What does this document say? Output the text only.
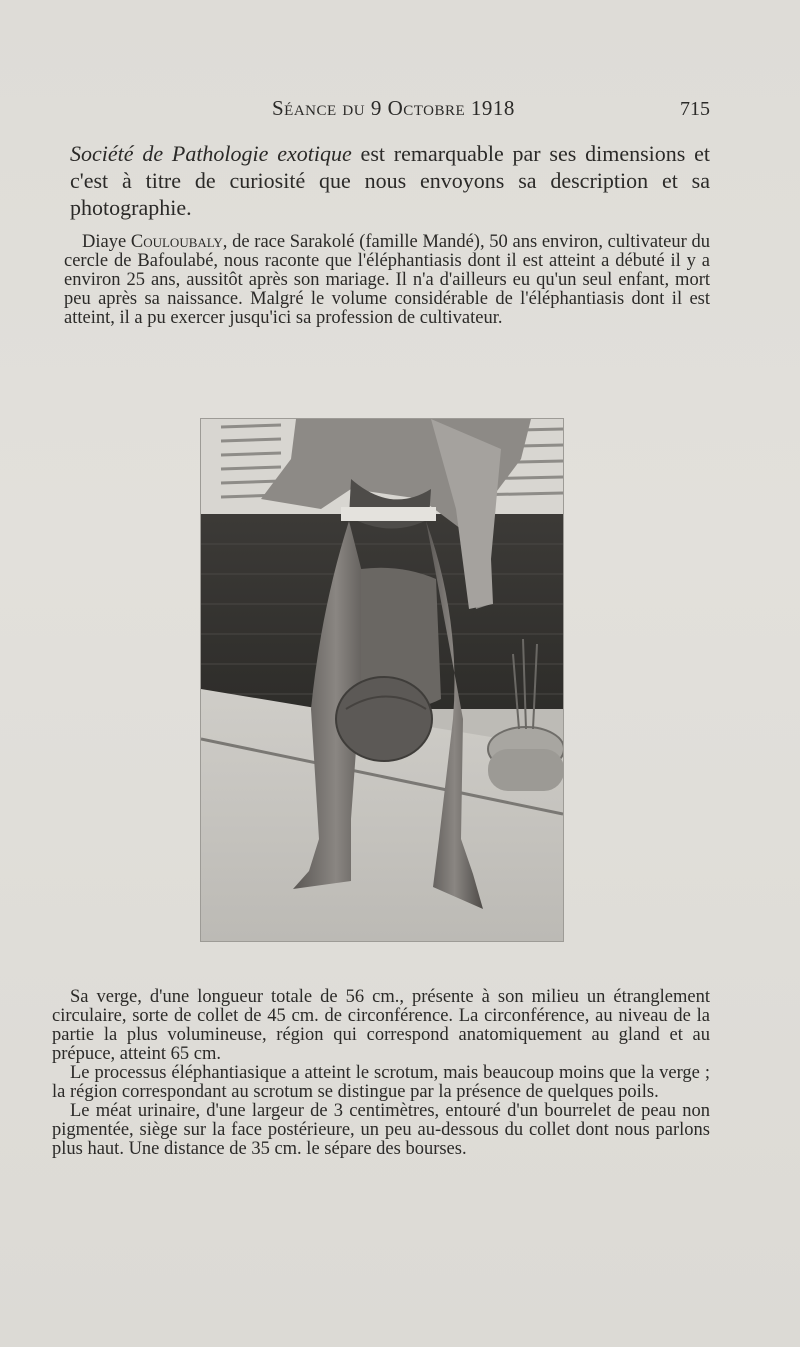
Séance du 9 Octobre 1918	715
Société de Pathologie exotique est remarquable par ses dimensions et c'est à titre de curiosité que nous envoyons sa description et sa photographie.

Diaye Couloubaly, de race Sarakolé (famille Mandé), 50 ans environ, cultivateur du cercle de Bafoulabé, nous raconte que l'éléphantiasis dont il est atteint a débuté il y a environ 25 ans, aussitôt après son mariage. Il n'a d'ailleurs eu qu'un seul enfant, mort peu après sa naissance. Malgré le volume considérable de l'éléphantiasis dont il est atteint, il a pu exercer jusqu'ici sa profession de cultivateur.

Sa verge, d'une longueur totale de 56 cm., présente à son milieu un étranglement circulaire, sorte de collet de 45 cm. de circonférence. La circonférence, au niveau de la partie la plus volumineuse, région qui correspond anatomiquement au gland et au prépuce, atteint 65 cm.

Le processus éléphantiasique a atteint le scrotum, mais beaucoup moins que la verge ; la région correspondant au scrotum se distingue par la présence de quelques poils.

Le méat urinaire, d'une largeur de 3 centimètres, entouré d'un bourrelet de peau non pigmentée, siège sur la face postérieure, un peu au-dessous du collet dont nous parlons plus haut. Une distance de 35 cm. le sépare des bourses.
